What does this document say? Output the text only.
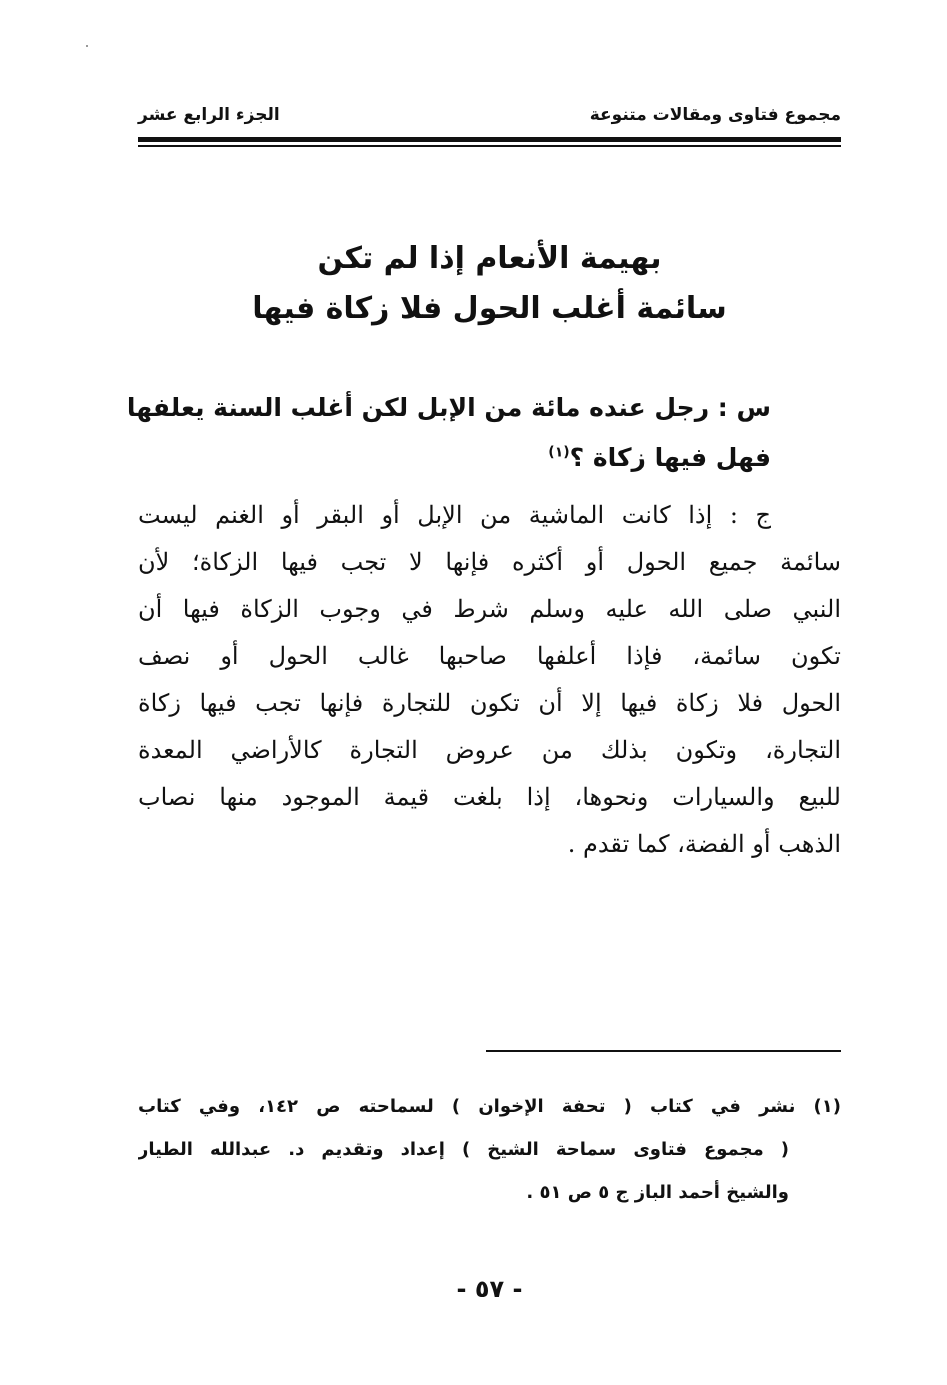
مجموع فتاوى ومقالات متنوعة
الجزء الرابع عشر
بهيمة الأنعام إذا لم تكن
سائمة أغلب الحول فلا زكاة فيها
س : رجل عنده مائة من الإبل لكن أغلب السنة يعلفها
فهل فيها زكاة ؟$^{(١)}$
ج : إذا كانت الماشية من الإبل أو البقر أو الغنم ليست
سائمة جميع الحول أو أكثره فإنها لا تجب فيها الزكاة؛ لأن
النبي صلى الله عليه وسلم شرط في وجوب الزكاة فيها أن
تكون سائمة، فإذا أعلفها صاحبها غالب الحول أو نصف
الحول فلا زكاة فيها إلا أن تكون للتجارة فإنها تجب فيها زكاة
التجارة، وتكون بذلك من عروض التجارة كالأراضي المعدة
للبيع والسيارات ونحوها، إذا بلغت قيمة الموجود منها نصاب
الذهب أو الفضة، كما تقدم .
(١) نشر في كتاب ( تحفة الإخوان ) لسماحته ص ١٤٢، وفي كتاب
( مجموع فتاوى سماحة الشيخ ) إعداد وتقديم د. عبدالله الطيار
والشيخ أحمد الباز ج ٥ ص ٥١ .
- ٥٧ -
